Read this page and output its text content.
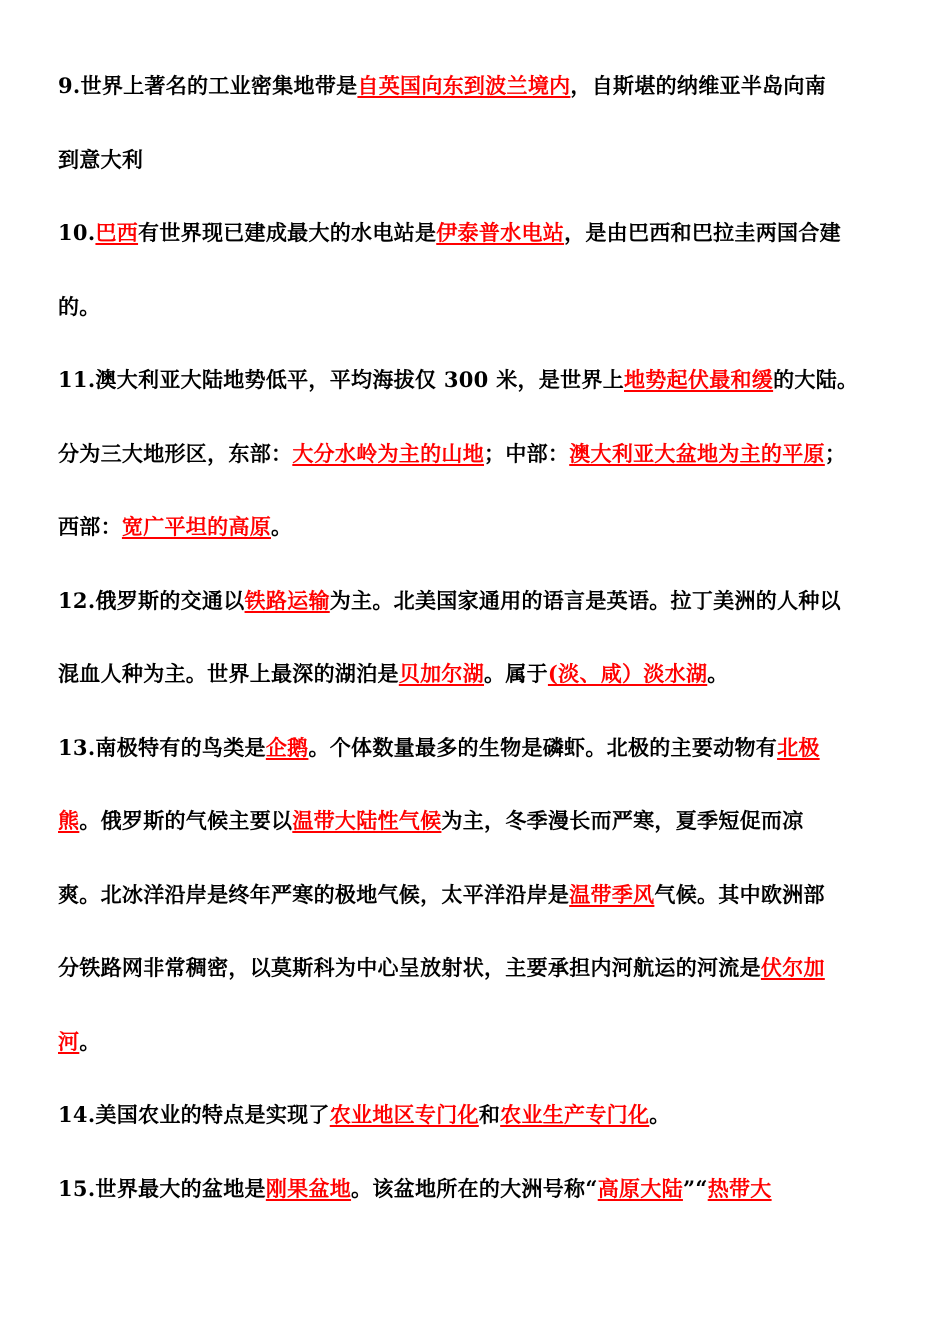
9.世界上著名的工业密集地带是自英国向东到波兰境内，自斯堪的纳维亚半岛向南
到意大利
10.巴西有世界现已建成最大的水电站是伊泰普水电站，是由巴西和巴拉圭两国合建
的。
11.澳大利亚大陆地势低平，平均海拔仅 300 米，是世界上地势起伏最和缓的大陆。
分为三大地形区，东部：大分水岭为主的山地；中部：澳大利亚大盆地为主的平原；
西部：宽广平坦的高原。
12.俄罗斯的交通以铁路运输为主。北美国家通用的语言是英语。拉丁美洲的人种以
混血人种为主。世界上最深的湖泊是贝加尔湖。属于(淡、咸）淡水湖。
13.南极特有的鸟类是企鹅。个体数量最多的生物是磷虾。北极的主要动物有北极
熊。俄罗斯的气候主要以温带大陆性气候为主，冬季漫长而严寒，夏季短促而凉
爽。北冰洋沿岸是终年严寒的极地气候，太平洋沿岸是温带季风气候。其中欧洲部
分铁路网非常稠密，以莫斯科为中心呈放射状，主要承担内河航运的河流是伏尔加
河。
14.美国农业的特点是实现了农业地区专门化和农业生产专门化。
15.世界最大的盆地是刚果盆地。该盆地所在的大洲号称“高原大陆”“热带大
